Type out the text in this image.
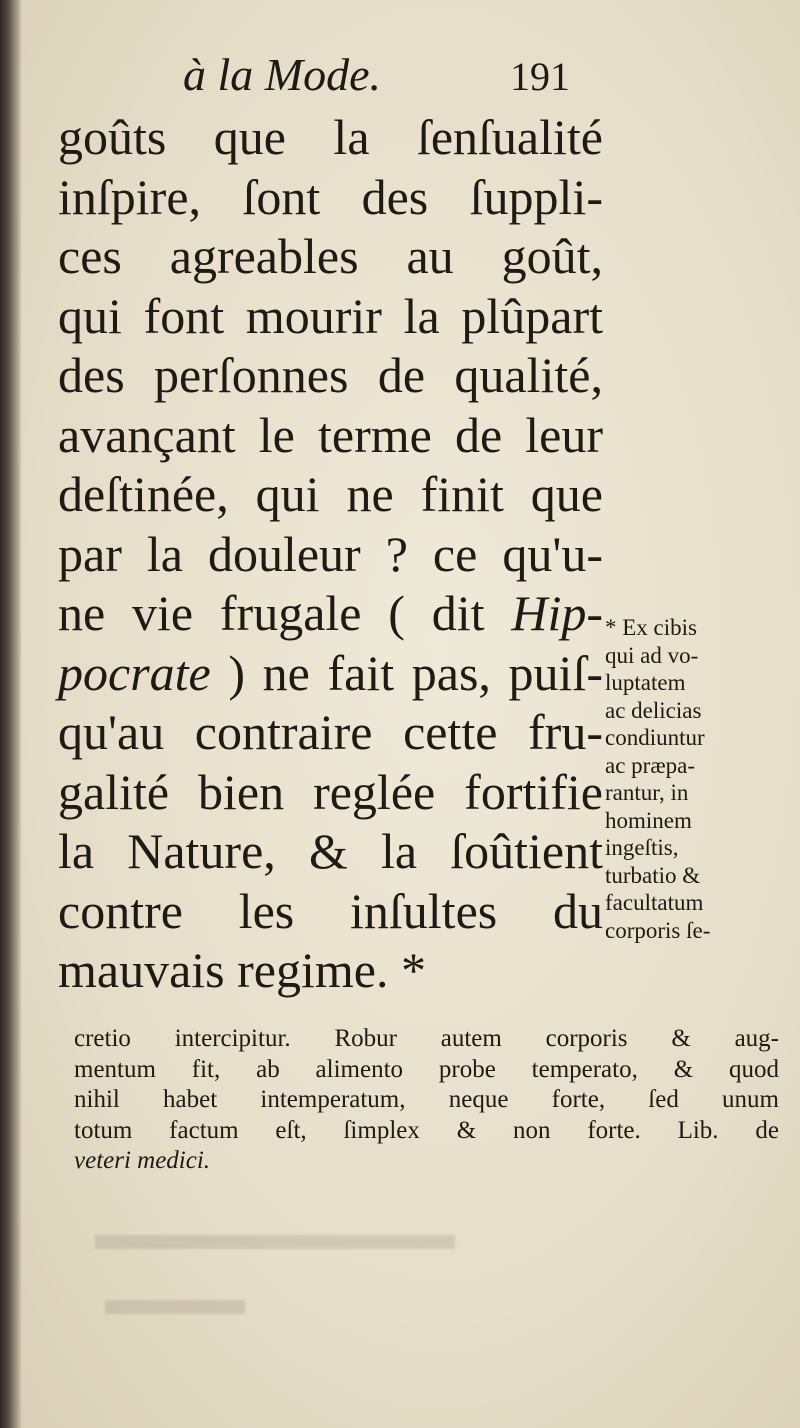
à la Mode.	191
goûts que la ſenſualité
inſpire, ſont des ſuppli-
ces agreables au goût,
qui font mourir la plûpart
des perſonnes de qualité,
avançant le terme de leur
deſtinée, qui ne finit que
par la douleur ? ce qu'u-
ne vie frugale ( dit Hip-
pocrate ) ne fait pas, puiſ-
qu'au contraire cette fru-
galité bien reglée fortifie
la Nature, & la ſoûtient
contre les inſultes du
mauvais regime. *
* Ex cibis
qui ad vo-
luptatem
ac delicias
condiuntur
ac præpa-
rantur, in
hominem
ingeſtis,
turbatio &
facultatum
corporis ſe-
cretio intercipitur. Robur autem corporis & aug-
mentum fit, ab alimento probe temperato, & quod
nihil habet intemperatum, neque forte, ſed unum
totum factum eſt, ſimplex & non forte. Lib. de
veteri medici.
